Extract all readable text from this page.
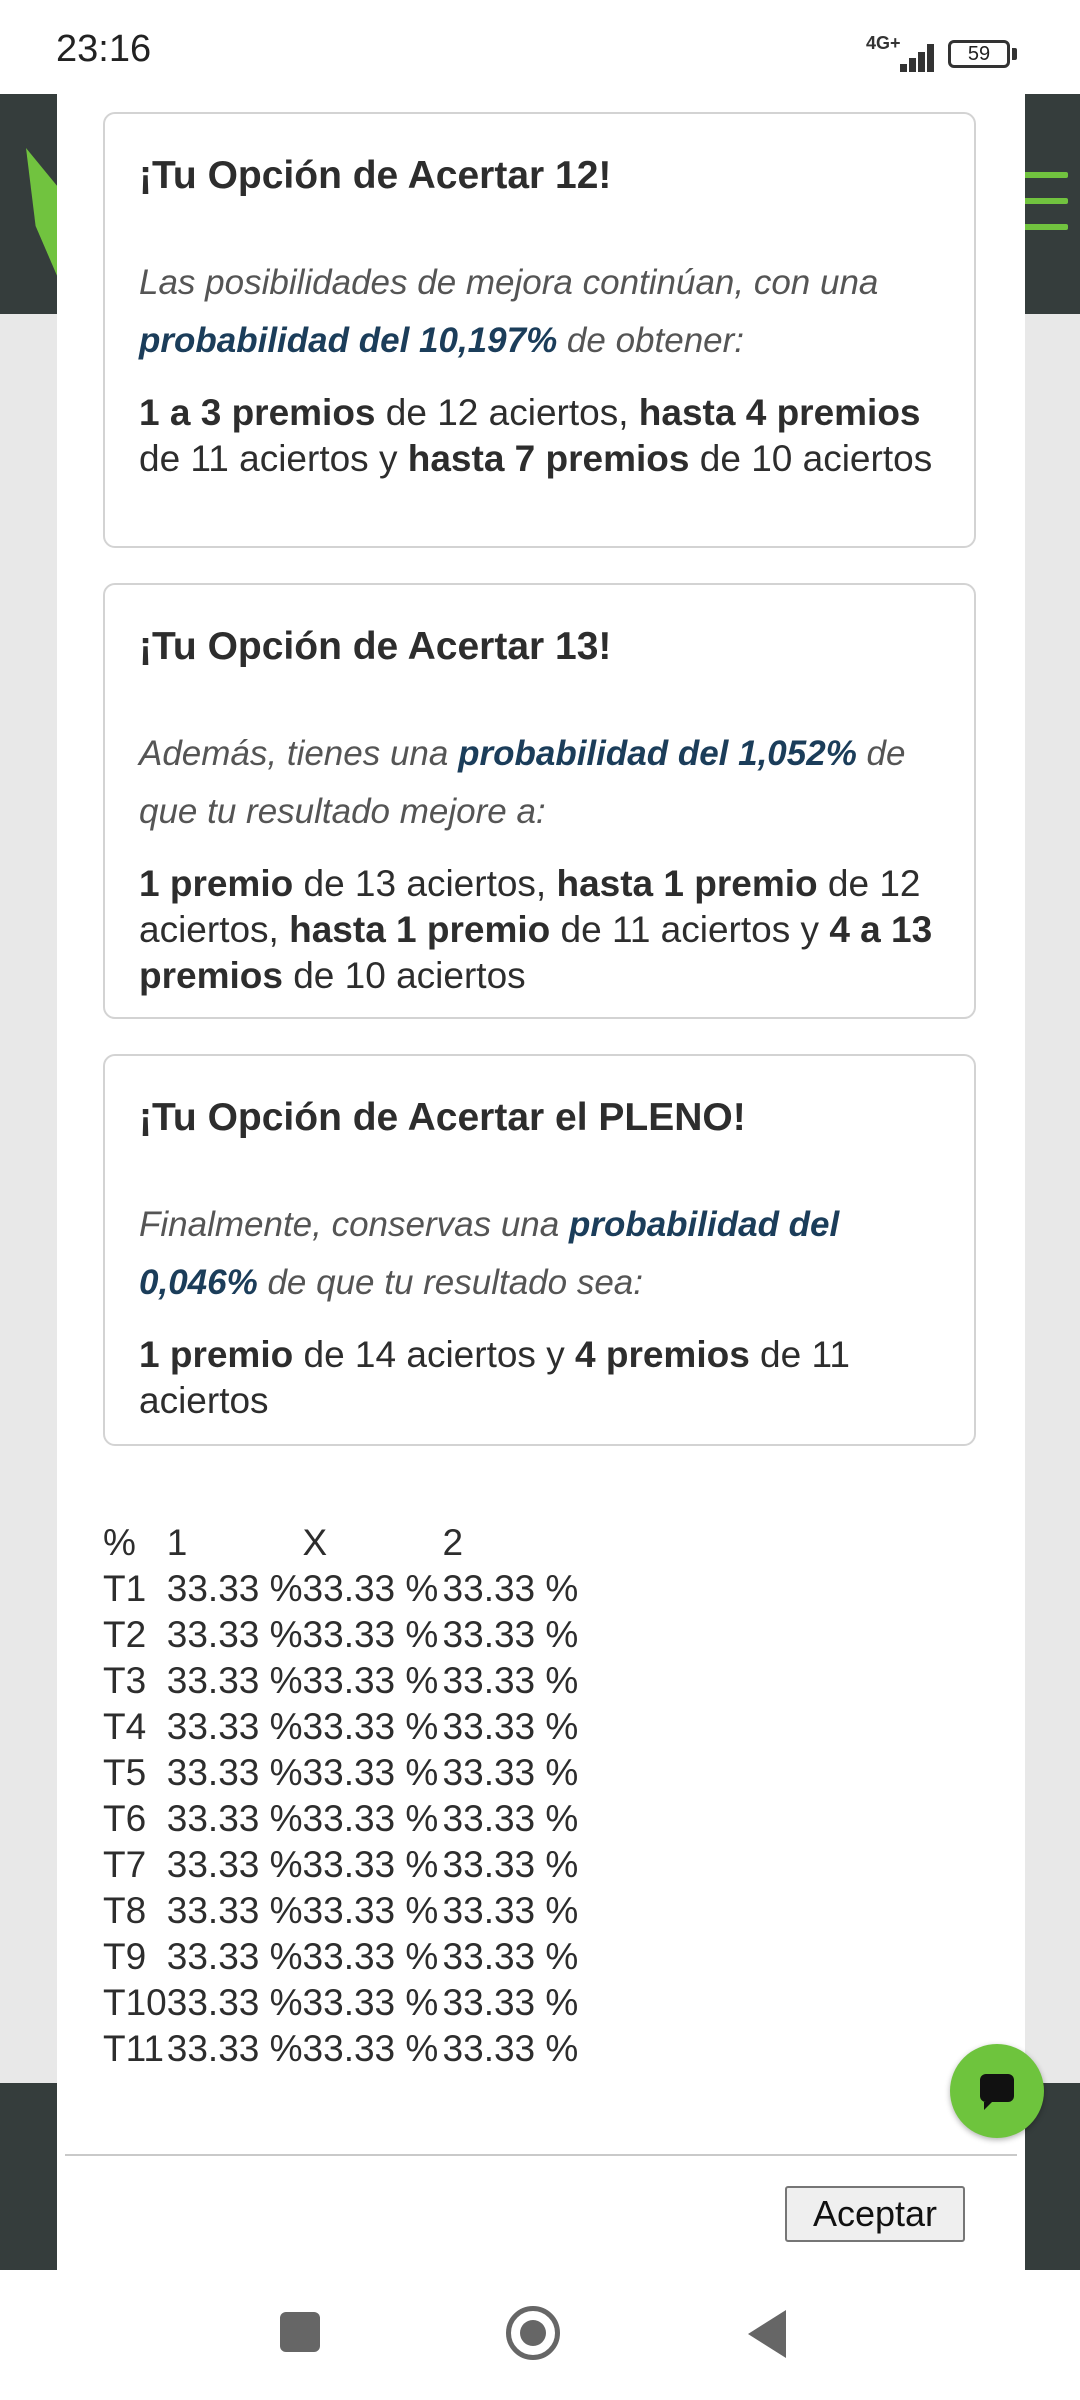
23:16	4G+	59
¡Tu Opción de Acertar 12!
Las posibilidades de mejora continúan, con una probabilidad del 10,197% de obtener:
1 a 3 premios de 12 aciertos, hasta 4 premios de 11 aciertos y hasta 7 premios de 10 aciertos
¡Tu Opción de Acertar 13!
Además, tienes una probabilidad del 1,052% de que tu resultado mejore a:
1 premio de 13 aciertos, hasta 1 premio de 12 aciertos, hasta 1 premio de 11 aciertos y 4 a 13 premios de 10 aciertos
¡Tu Opción de Acertar el PLENO!
Finalmente, conservas una probabilidad del 0,046% de que tu resultado sea:
1 premio de 14 aciertos y 4 premios de 11 aciertos
%	1	X	2
T1	33.33 %	33.33 %	33.33 %
T2	33.33 %	33.33 %	33.33 %
T3	33.33 %	33.33 %	33.33 %
T4	33.33 %	33.33 %	33.33 %
T5	33.33 %	33.33 %	33.33 %
T6	33.33 %	33.33 %	33.33 %
T7	33.33 %	33.33 %	33.33 %
T8	33.33 %	33.33 %	33.33 %
T9	33.33 %	33.33 %	33.33 %
T10	33.33 %	33.33 %	33.33 %
T11	33.33 %	33.33 %	33.33 %
Aceptar
